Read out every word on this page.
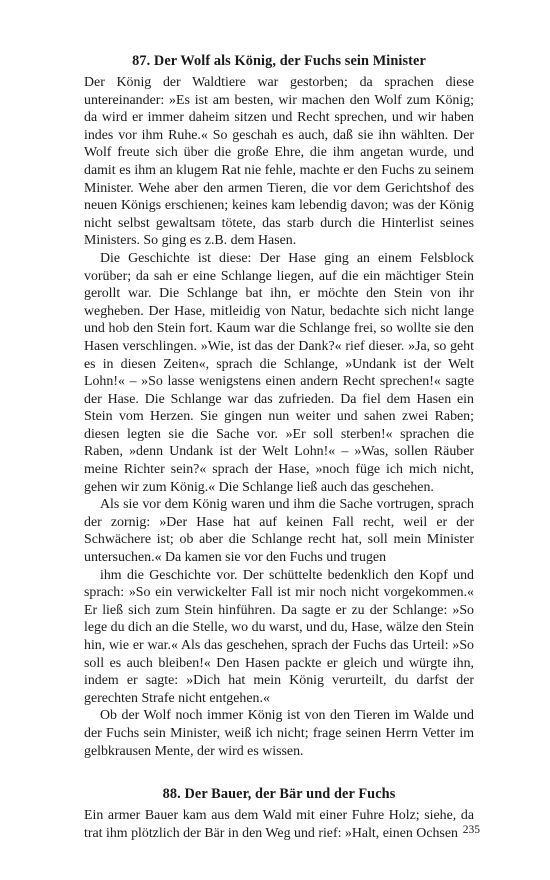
87. Der Wolf als König, der Fuchs sein Minister

Der König der Waldtiere war gestorben; da sprachen diese untereinander: »Es ist am besten, wir machen den Wolf zum König; da wird er immer daheim sitzen und Recht sprechen, und wir haben indes vor ihm Ruhe.« So geschah es auch, daß sie ihn wählten. Der Wolf freute sich über die große Ehre, die ihm angetan wurde, und damit es ihm an klugem Rat nie fehle, machte er den Fuchs zu seinem Minister. Wehe aber den armen Tieren, die vor dem Gerichtshof des neuen Königs erschienen; keines kam lebendig davon; was der König nicht selbst gewaltsam tötete, das starb durch die Hinterlist seines Ministers. So ging es z.B. dem Hasen.

Die Geschichte ist diese: Der Hase ging an einem Felsblock vorüber; da sah er eine Schlange liegen, auf die ein mächtiger Stein gerollt war. Die Schlange bat ihn, er möchte den Stein von ihr wegheben. Der Hase, mitleidig von Natur, bedachte sich nicht lange und hob den Stein fort. Kaum war die Schlange frei, so wollte sie den Hasen verschlingen. »Wie, ist das der Dank?« rief dieser. »Ja, so geht es in diesen Zeiten«, sprach die Schlange, »Undank ist der Welt Lohn!« – »So lasse wenigstens einen andern Recht sprechen!« sagte der Hase. Die Schlange war das zufrieden. Da fiel dem Hasen ein Stein vom Herzen. Sie gingen nun weiter und sahen zwei Raben; diesen legten sie die Sache vor. »Er soll sterben!« sprachen die Raben, »denn Undank ist der Welt Lohn!« – »Was, sollen Räuber meine Richter sein?« sprach der Hase, »noch füge ich mich nicht, gehen wir zum König.« Die Schlange ließ auch das geschehen.

Als sie vor dem König waren und ihm die Sache vortrugen, sprach der zornig: »Der Hase hat auf keinen Fall recht, weil er der Schwächere ist; ob aber die Schlange recht hat, soll mein Minister untersuchen.« Da kamen sie vor den Fuchs und trugen

ihm die Geschichte vor. Der schüttelte bedenklich den Kopf und sprach: »So ein verwickelter Fall ist mir noch nicht vorgekommen.« Er ließ sich zum Stein hinführen. Da sagte er zu der Schlange: »So lege du dich an die Stelle, wo du warst, und du, Hase, wälze den Stein hin, wie er war.« Als das geschehen, sprach der Fuchs das Urteil: »So soll es auch bleiben!« Den Hasen packte er gleich und würgte ihn, indem er sagte: »Dich hat mein König verurteilt, du darfst der gerechten Strafe nicht entgehen.«

Ob der Wolf noch immer König ist von den Tieren im Walde und der Fuchs sein Minister, weiß ich nicht; frage seinen Herrn Vetter im gelbkrausen Mente, der wird es wissen.

88. Der Bauer, der Bär und der Fuchs

Ein armer Bauer kam aus dem Wald mit einer Fuhre Holz; siehe, da trat ihm plötzlich der Bär in den Weg und rief: »Halt, einen Ochsen 235
